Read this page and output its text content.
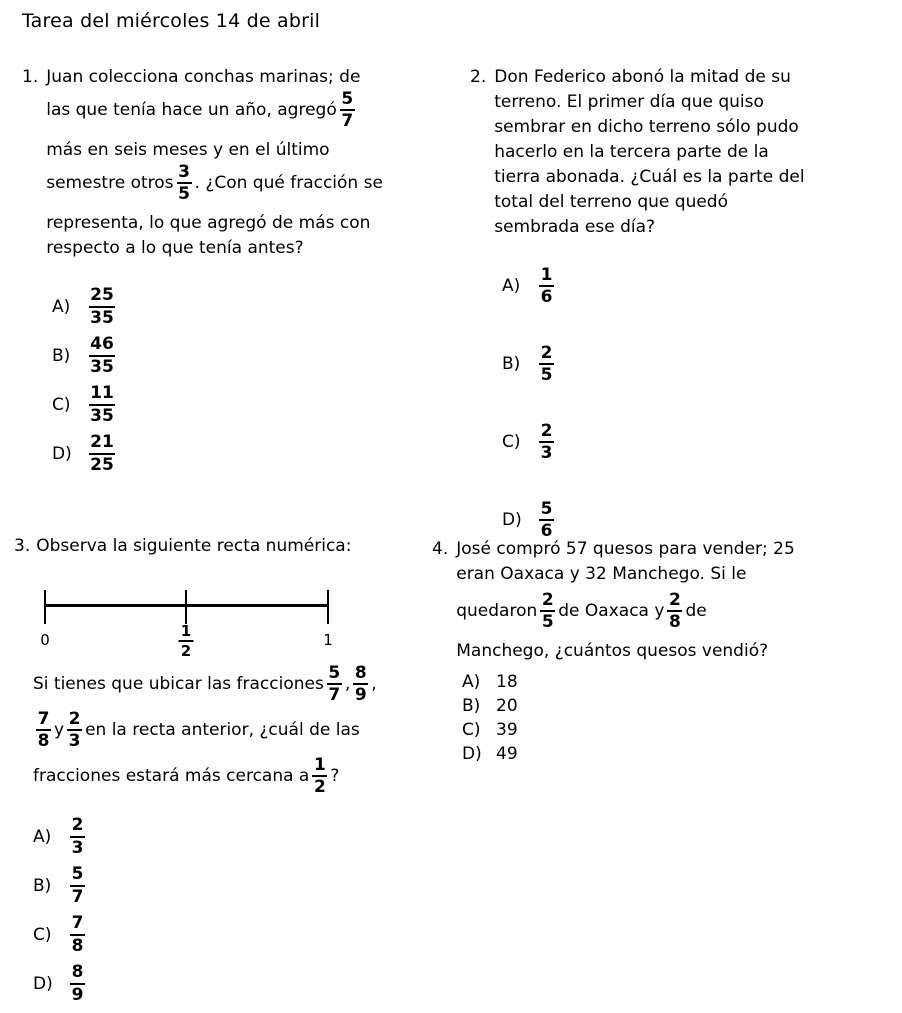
Tarea del miércoles 14 de abril
1. Juan colecciona conchas marinas; de
las que tenía hace un año, agregó $\frac{5}{7}$
más en seis meses y en el último
semestre otros $\frac{3}{5}$ . ¿Con qué fracción se
representa, lo que agregó de más con
respecto a lo que tenía antes?
A)	$\frac{25}{35}$
B)	$\frac{46}{35}$
C)	$\frac{11}{35}$
D)	$\frac{21}{25}$
2. Don Federico abonó la mitad de su
terreno. El primer día que quiso
sembrar en dicho terreno sólo pudo
hacerlo en la tercera parte de la
tierra abonada. ¿Cuál es la parte del
total del terreno que quedó
sembrada ese día?
A)	$\frac{1}{6}$
B)	$\frac{2}{5}$
C)	$\frac{2}{3}$
D)	$\frac{5}{6}$
3. Observa la siguiente recta numérica:
0	$\frac{1}{2}$	1
Si tienes que ubicar las fracciones $\frac{5}{7}$ , $\frac{8}{9}$ ,
$\frac{7}{8}$ y $\frac{2}{3}$ en la recta anterior, ¿cuál de las
fracciones estará más cercana a $\frac{1}{2}$ ?
A)	$\frac{2}{3}$
B)	$\frac{5}{7}$
C)	$\frac{7}{8}$
D)	$\frac{8}{9}$
4. José compró 57 quesos para vender; 25
eran Oaxaca y 32 Manchego. Si le
quedaron $\frac{2}{5}$ de Oaxaca y $\frac{2}{8}$ de
Manchego, ¿cuántos quesos vendió?
A) 18
B) 20
C) 39
D) 49
